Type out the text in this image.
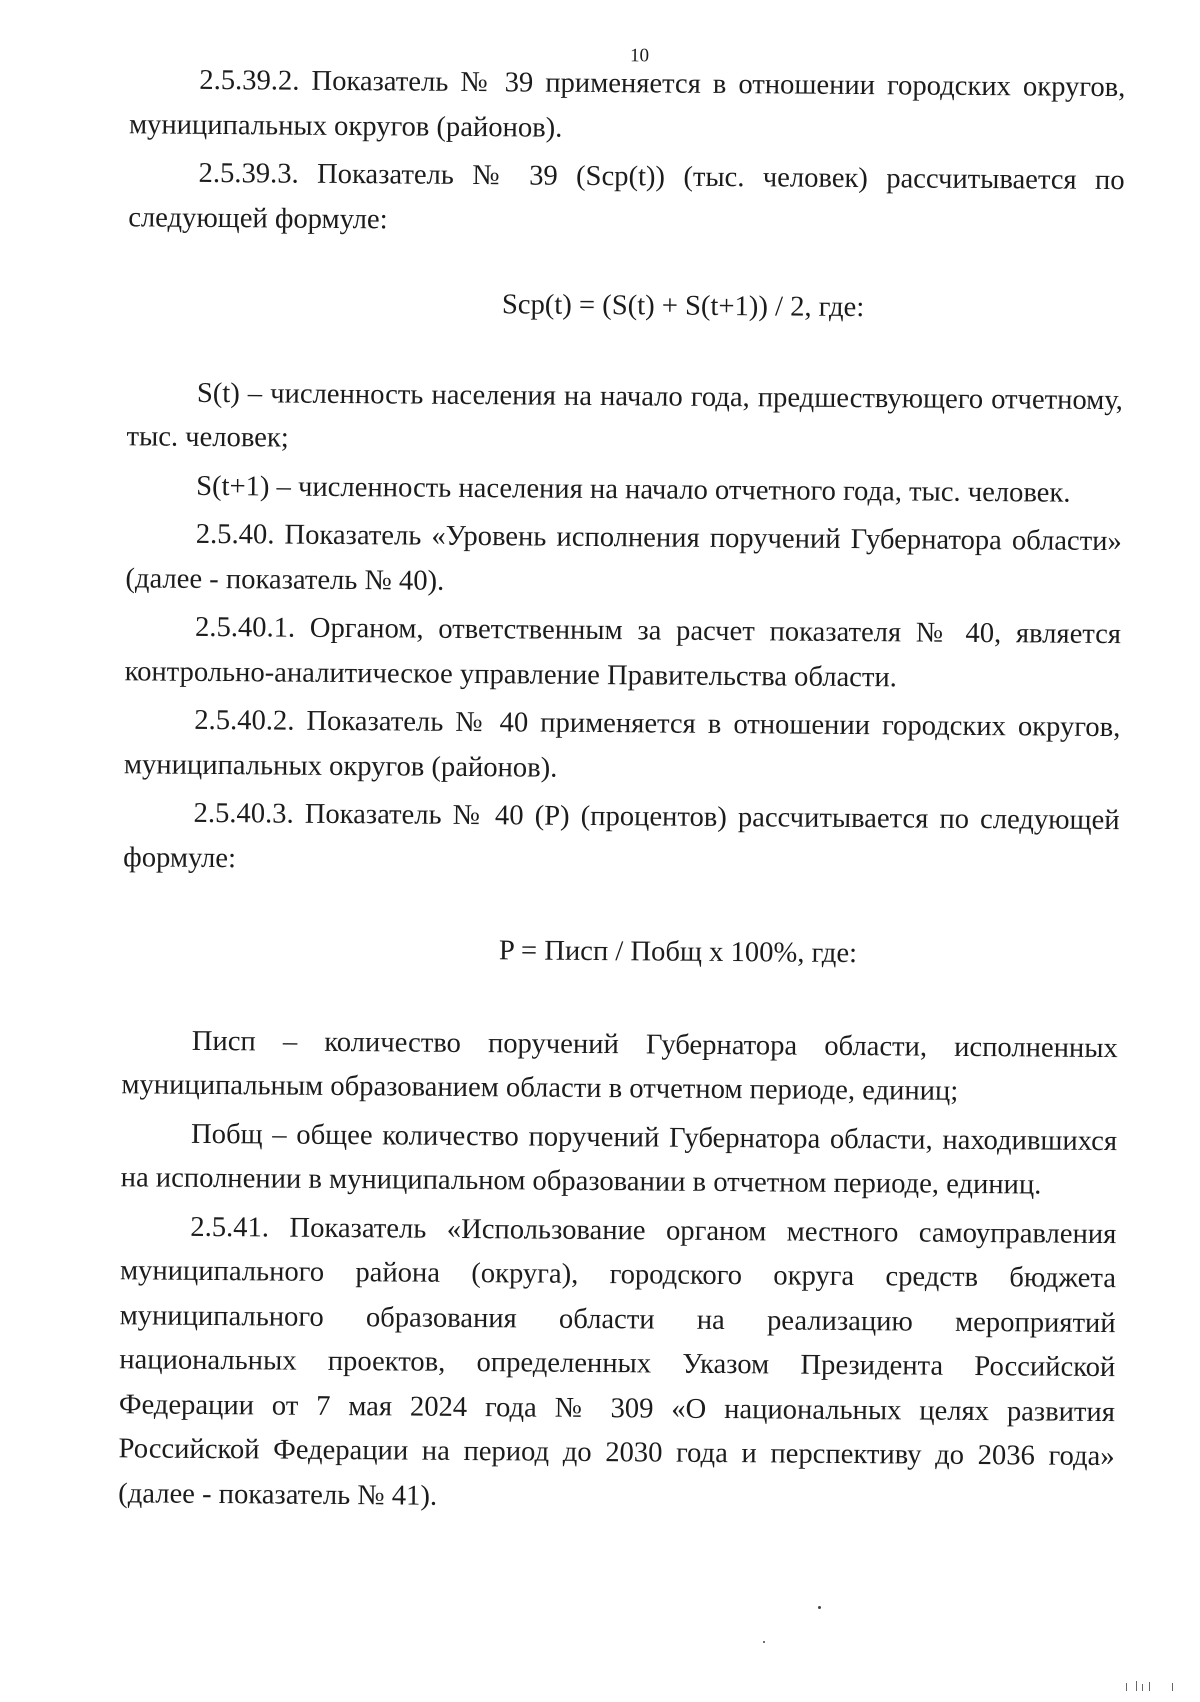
10

2.5.39.2. Показатель № 39 применяется в отношении городских округов, муниципальных округов (районов).

2.5.39.3. Показатель № 39 (Scp(t)) (тыс. человек) рассчитывается по следующей формуле:

Scp(t) = (S(t) + S(t+1)) / 2, где:

S(t) – численность населения на начало года, предшествующего отчетному, тыс. человек;

S(t+1) – численность населения на начало отчетного года, тыс. человек.

2.5.40. Показатель «Уровень исполнения поручений Губернатора области» (далее - показатель № 40).

2.5.40.1. Органом, ответственным за расчет показателя № 40, является контрольно-аналитическое управление Правительства области.

2.5.40.2. Показатель № 40 применяется в отношении городских округов, муниципальных округов (районов).

2.5.40.3. Показатель № 40 (P) (процентов) рассчитывается по следующей формуле:

P = Писп / Побщ х 100%, где:

Писп – количество поручений Губернатора области, исполненных муниципальным образованием области в отчетном периоде, единиц;

Побщ – общее количество поручений Губернатора области, находившихся на исполнении в муниципальном образовании в отчетном периоде, единиц.

2.5.41. Показатель «Использование органом местного самоуправления муниципального района (округа), городского округа средств бюджета муниципального образования области на реализацию мероприятий национальных проектов, определенных Указом Президента Российской Федерации от 7 мая 2024 года № 309 «О национальных целях развития Российской Федерации на период до 2030 года и перспективу до 2036 года» (далее - показатель № 41).
